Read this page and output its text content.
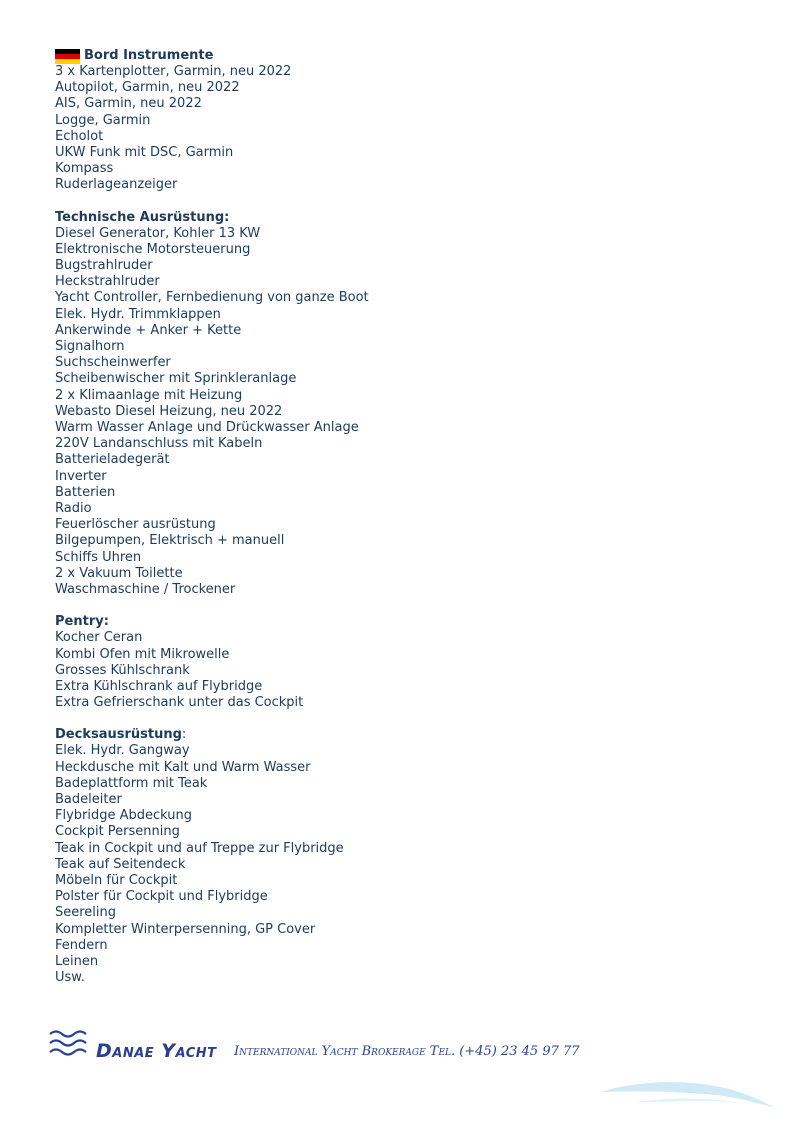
Bord Instrumente
3 x Kartenplotter, Garmin, neu 2022
Autopilot, Garmin, neu 2022
AIS, Garmin, neu 2022
Logge, Garmin
Echolot
UKW Funk mit DSC, Garmin
Kompass
Ruderlageanzeiger
Technische Ausrüstung:
Diesel Generator, Kohler 13 KW
Elektronische Motorsteuerung
Bugstrahlruder
Heckstrahlruder
Yacht Controller, Fernbedienung von ganze Boot
Elek. Hydr. Trimmklappen
Ankerwinde + Anker + Kette
Signalhorn
Suchscheinwerfer
Scheibenwischer mit Sprinkleranlage
2 x Klimaanlage mit Heizung
Webasto Diesel Heizung, neu 2022
Warm Wasser Anlage und Drückwasser Anlage
220V Landanschluss mit Kabeln
Batterieladegerät
Inverter
Batterien
Radio
Feuerlöscher ausrüstung
Bilgepumpen, Elektrisch + manuell
Schiffs Uhren
2 x Vakuum Toilette
Waschmaschine / Trockener
Pentry:
Kocher Ceran
Kombi Ofen mit Mikrowelle
Grosses Kühlschrank
Extra Kühlschrank auf Flybridge
Extra Gefrierschank unter das Cockpit
Decksausrüstung :
Elek. Hydr. Gangway
Heckdusche mit Kalt und Warm Wasser
Badeplattform mit Teak
Badeleiter
Flybridge Abdeckung
Cockpit Persenning
Teak in Cockpit und auf Treppe zur Flybridge
Teak auf Seitendeck
Möbeln für Cockpit
Polster für Cockpit und Flybridge
Seereling
Kompletter Winterpersenning, GP Cover
Fendern
Leinen
Usw.
Danae Yacht International Yacht Brokerage Tel. (+45) 23 45 97 77
